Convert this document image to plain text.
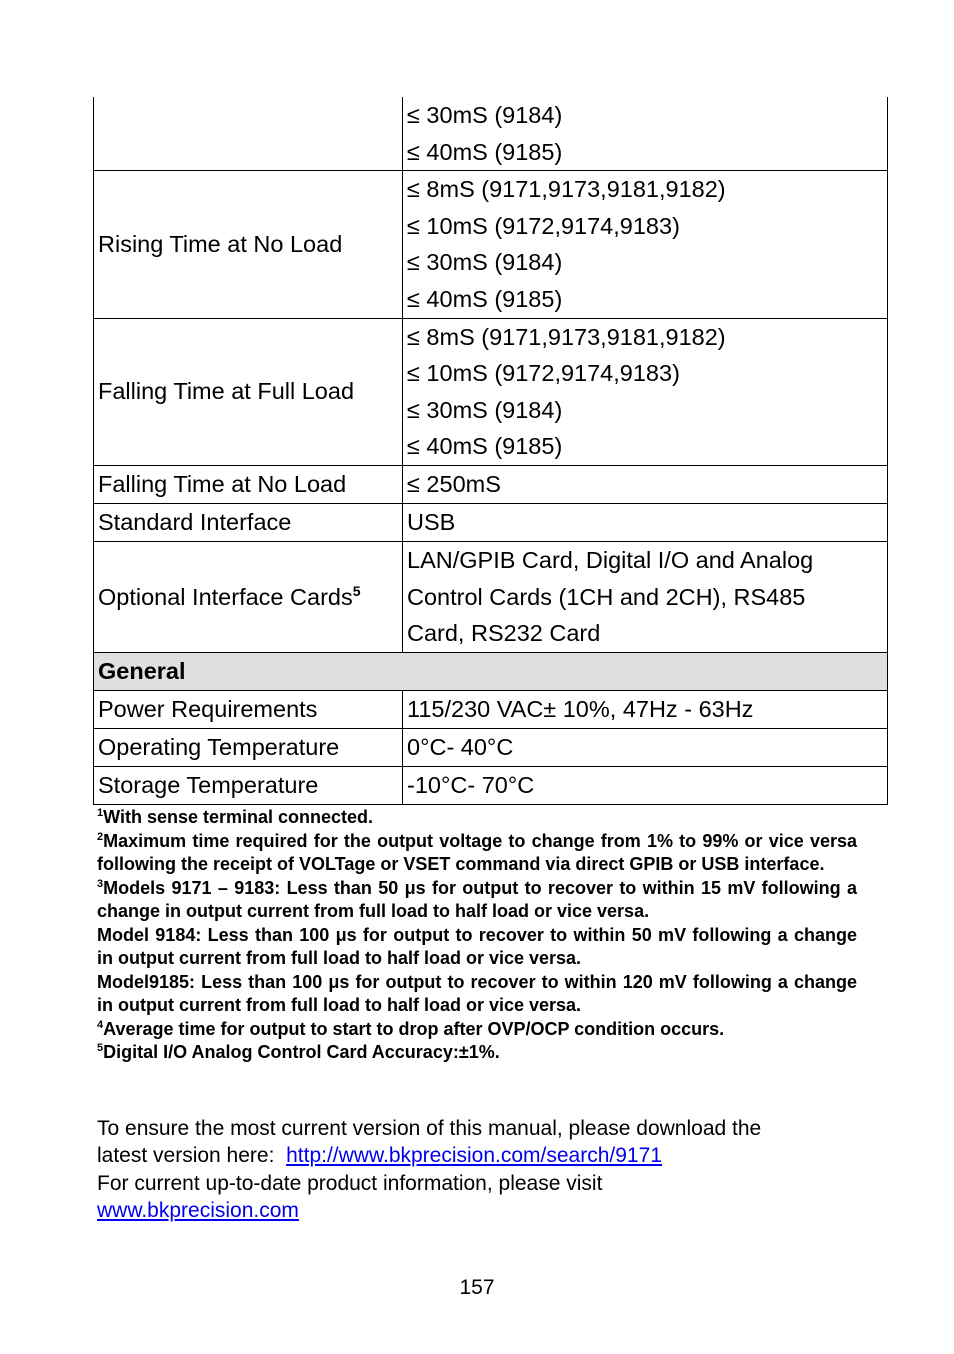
	≤ 30mS (9184)
≤ 40mS (9185)

Rising Time at No Load	≤ 8mS (9171,9173,9181,9182)
≤ 10mS (9172,9174,9183)
≤ 30mS (9184)
≤ 40mS (9185)

Falling Time at Full Load	≤ 8mS (9171,9173,9181,9182)
≤ 10mS (9172,9174,9183)
≤ 30mS (9184)
≤ 40mS (9185)

Falling Time at No Load	≤ 250mS
Standard Interface	USB
Optional Interface Cards$^5$	LAN/GPIB Card, Digital I/O and Analog
Control Cards (1CH and 2CH), RS485
Card, RS232 Card

General	
Power Requirements	115/230 VAC± 10%, 47Hz - 63Hz
Operating Temperature	0°C- 40°C
Storage Temperature	-10°C- 70°C

$^1$With sense terminal connected.

$^2$Maximum time required for the output voltage to change from 1% to 99% or vice versa following the receipt of VOLTage or VSET command via direct GPIB or USB interface.

$^3$Models 9171 – 9183: Less than 50 μs for output to recover to within 15 mV following a change in output current from full load to half load or vice versa.

Model 9184: Less than 100 μs for output to recover to within 50 mV following a change in output current from full load to half load or vice versa.

Model9185: Less than 100 μs for output to recover to within 120 mV following a change in output current from full load to half load or vice versa.

$^4$Average time for output to start to drop after OVP/OCP condition occurs.

$^5$Digital I/O Analog Control Card Accuracy:±1%.

To ensure the most current version of this manual, please download the

latest version here: http://www.bkprecision.com/search/9171

For current up-to-date product information, please visit

www.bkprecision.com

157
